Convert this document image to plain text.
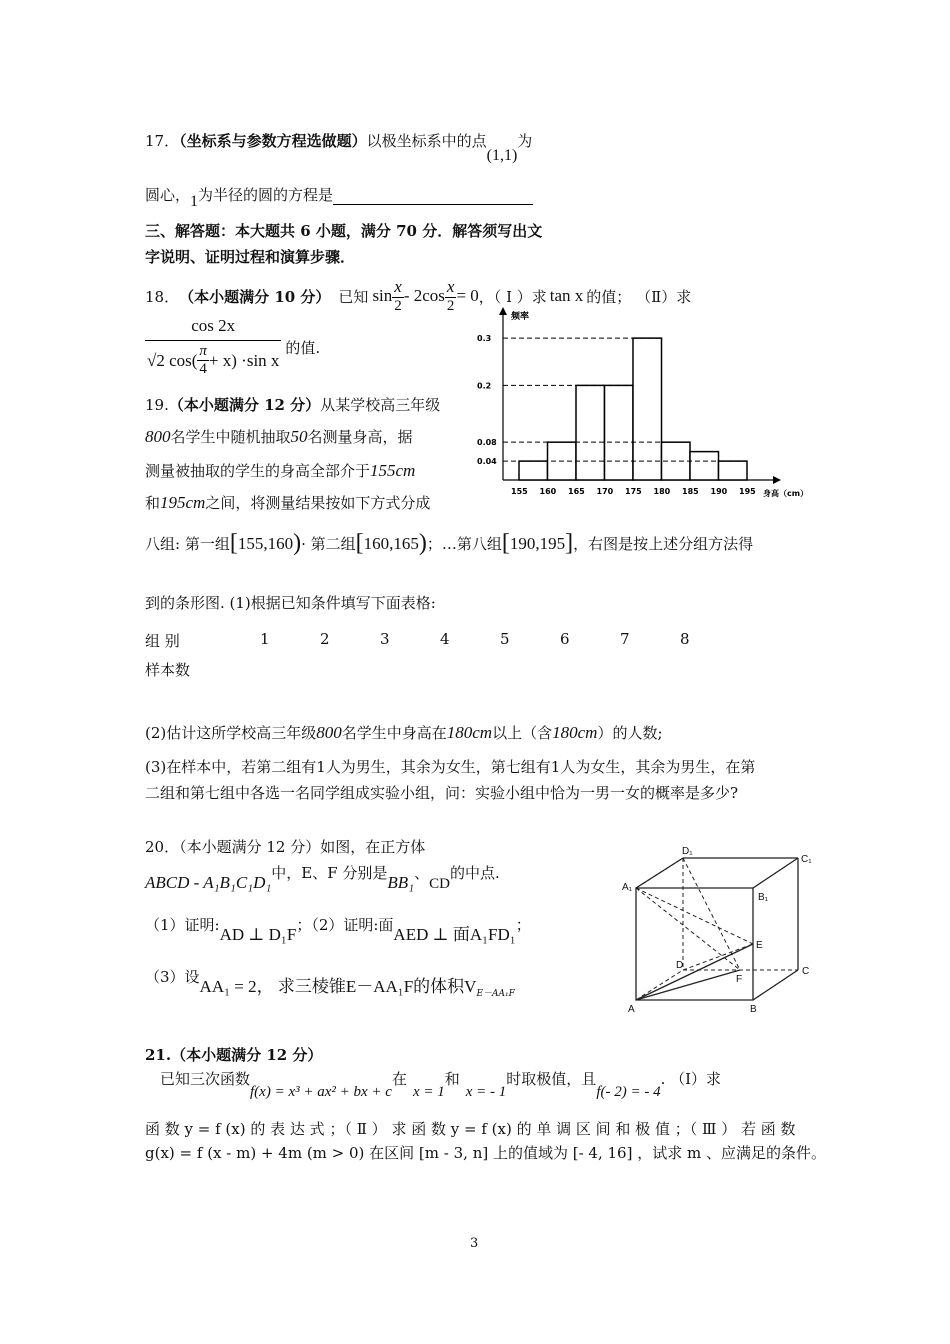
17．（坐标系与参数方程选做题）以极坐标系中的点(1,1)为
圆心，1为半径的圆的方程是
三、解答题：本大题共 6 小题，满分 70 分．解答须写出文
字说明、证明过程和演算步骤．
18． （本小题满分 10 分） 已知 $\sin \frac{x}{2} - 2\cos \frac{x}{2} = 0$ ，（ Ⅰ ）求 tan x 的值； （Ⅱ）求
$\frac{\cos 2x}{√2 \cos( \frac{\pi}{4} + x) \cdot\sin x}$ 的值.
19.（本小题满分 12 分）从某学校高三年级
800名学生中随机抽取50名测量身高，据
测量被抽取的学生的身高全部介于155cm
和195cm之间，将测量结果按如下方式分成
八组: 第一组 [ 155,160 ) · 第二组 [ 160,165 ) ；…第八组 [ 190,195 ] ，右图是按上述分组方法得
到的条形图. (1)根据已知条件填写下面表格:
组 别	1	2	3	4	5	6	7	8
样本数
(2)估计这所学校高三年级800名学生中身高在180cm以上（含180cm）的人数;
(3)在样本中，若第二组有1人为男生，其余为女生，第七组有1人为女生，其余为男生，在第
二组和第七组中各选一名同学组成实验小组，问：实验小组中恰为一男一女的概率是多少?
0.04
0.08
0.2
0.3
155 160 165 170 175 180 185 190 195
频率
身高（cm）
20．（本小题满分 12 分）如图，在正方体
ABCD - A₁B₁C₁D₁中，E、F 分别是BB₁、CD的中点.
（1）证明:AD ⊥ D₁F；（2）证明:面AED ⊥ 面A₁FD₁；
（3）设AA₁ = 2， 求三棱锥E－AA₁F的体积$V_{E-AA_1F}$
A₁
B₁
C₁
D₁
E
F
D
C
B
A
21.（本小题满分 12 分）
已知三次函数f(x) = x³ + ax² + bx + c在x = 1和x = - 1时取极值，且f(- 2) = - 4. （Ⅰ）求
函 数 y = f (x) 的 表 达 式 ；（ Ⅱ ） 求 函 数 y = f (x) 的 单 调 区 间 和 极 值 ；（ Ⅲ ） 若 函 数
g(x) = f (x - m) + 4m (m > 0) 在区间 [m - 3, n] 上的值域为 [- 4, 16] ，试求 m 、应满足的条件。
3
